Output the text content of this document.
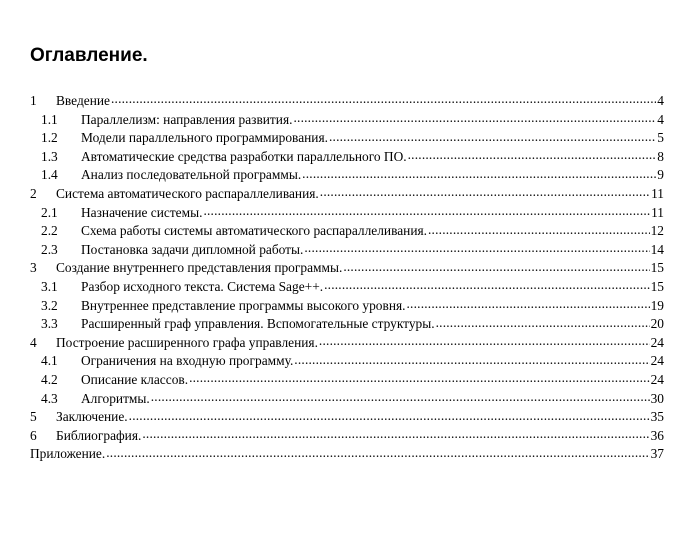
Оглавление.
1	Введение .....	4
1.1	Параллелизм: направления развития. .....	4
1.2	Модели параллельного программирования. .....	5
1.3	Автоматические средства разработки параллельного ПО. .....	8
1.4	Анализ последовательной программы. .....	9
2	Система автоматического распараллеливания. .....	11
2.1	Назначение системы. .....	11
2.2	Схема работы системы автоматического распараллеливания. .....	12
2.3	Постановка задачи дипломной работы. .....	14
3	Создание внутреннего представления программы. .....	15
3.1	Разбор исходного текста. Система Sage++. .....	15
3.2	Внутреннее представление программы высокого уровня. .....	19
3.3	Расширенный граф управления. Вспомогательные структуры. .....	20
4	Построение расширенного графа управления. .....	24
4.1	Ограничения на входную программу. .....	24
4.2	Описание классов. .....	24
4.3	Алгоритмы. .....	30
5	Заключение. .....	35
6	Библиография. .....	36
Приложение. .....	37
